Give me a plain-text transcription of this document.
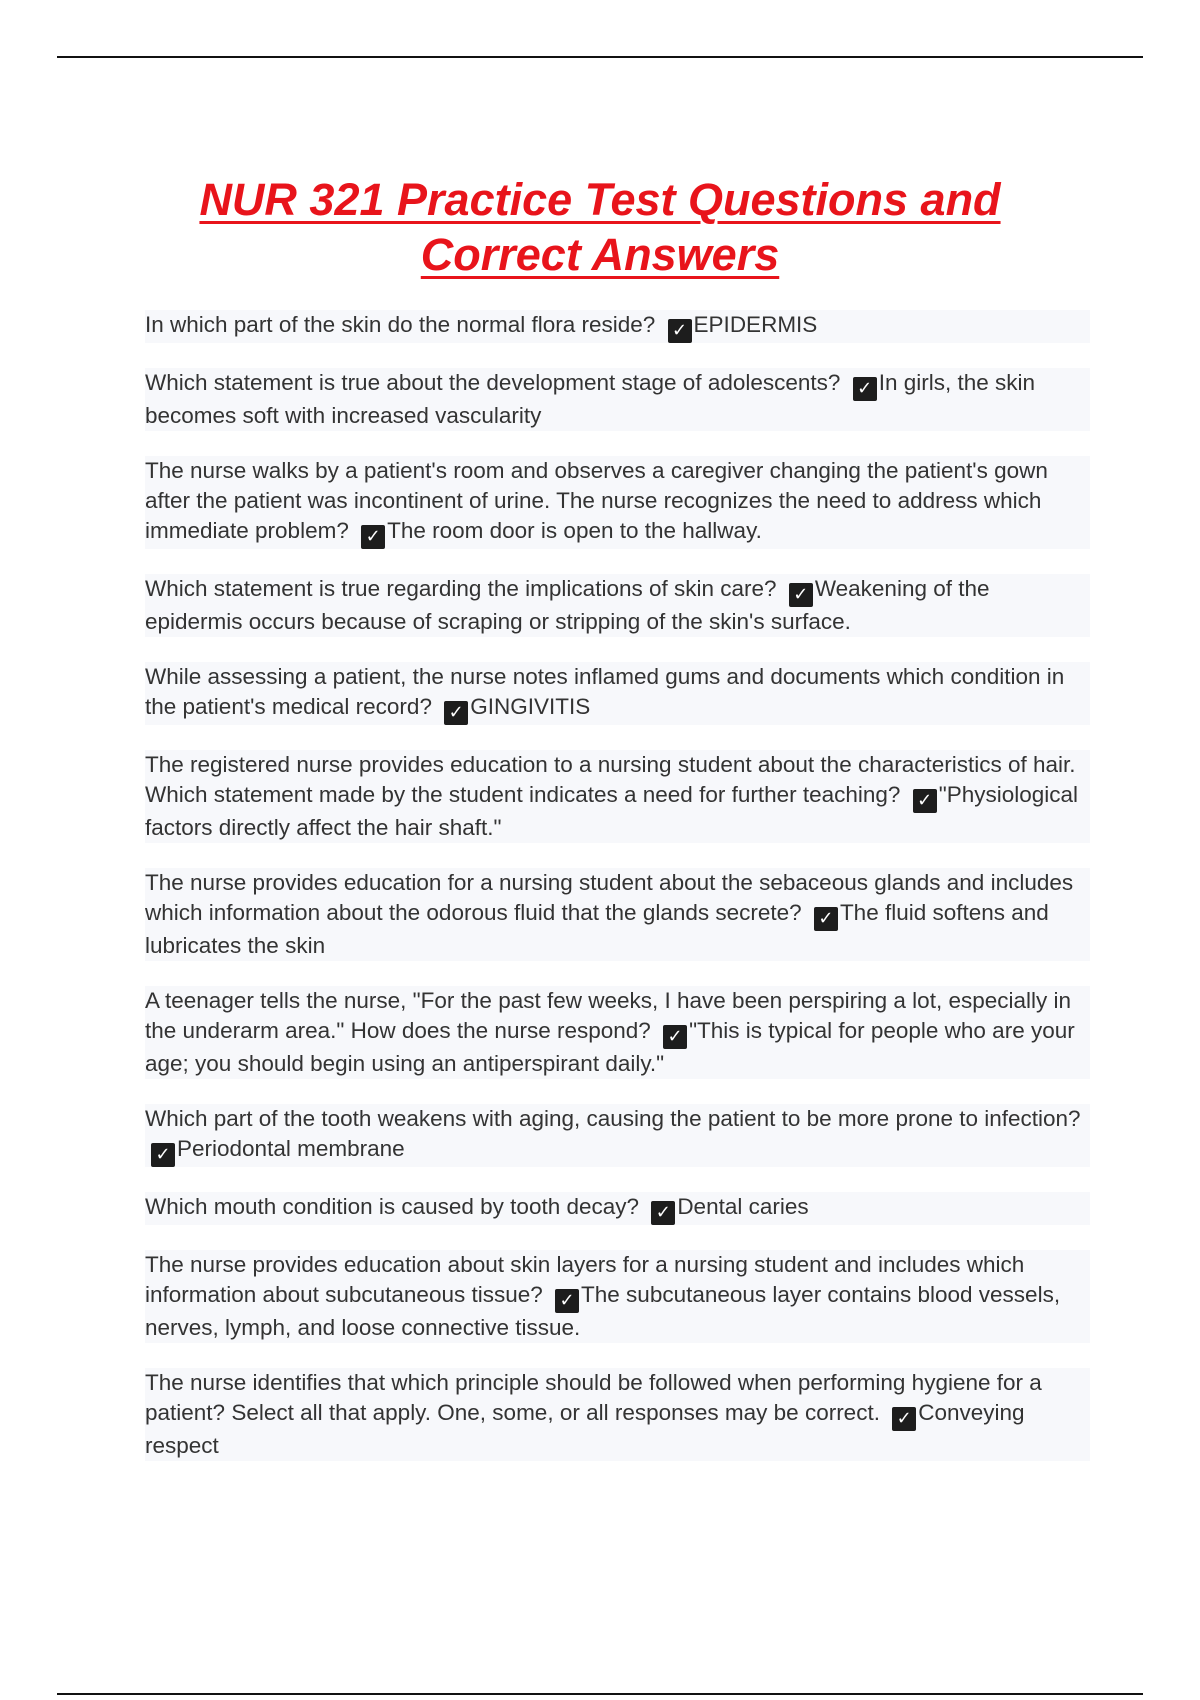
NUR 321 Practice Test Questions and
Correct Answers

In which part of the skin do the normal flora reside? ✓ EPIDERMIS

Which statement is true about the development stage of adolescents? ✓ In girls, the skin becomes soft with increased vascularity

The nurse walks by a patient's room and observes a caregiver changing the patient's gown after the patient was incontinent of urine. The nurse recognizes the need to address which immediate problem? ✓ The room door is open to the hallway.

Which statement is true regarding the implications of skin care? ✓ Weakening of the epidermis occurs because of scraping or stripping of the skin's surface.

While assessing a patient, the nurse notes inflamed gums and documents which condition in the patient's medical record? ✓ GINGIVITIS

The registered nurse provides education to a nursing student about the characteristics of hair. Which statement made by the student indicates a need for further teaching? ✓ "Physiological factors directly affect the hair shaft."

The nurse provides education for a nursing student about the sebaceous glands and includes which information about the odorous fluid that the glands secrete? ✓ The fluid softens and lubricates the skin

A teenager tells the nurse, "For the past few weeks, I have been perspiring a lot, especially in the underarm area." How does the nurse respond? ✓ "This is typical for people who are your age; you should begin using an antiperspirant daily."

Which part of the tooth weakens with aging, causing the patient to be more prone to infection? ✓ Periodontal membrane

Which mouth condition is caused by tooth decay? ✓ Dental caries

The nurse provides education about skin layers for a nursing student and includes which information about subcutaneous tissue? ✓ The subcutaneous layer contains blood vessels, nerves, lymph, and loose connective tissue.

The nurse identifies that which principle should be followed when performing hygiene for a patient? Select all that apply. One, some, or all responses may be correct. ✓ Conveying respect
